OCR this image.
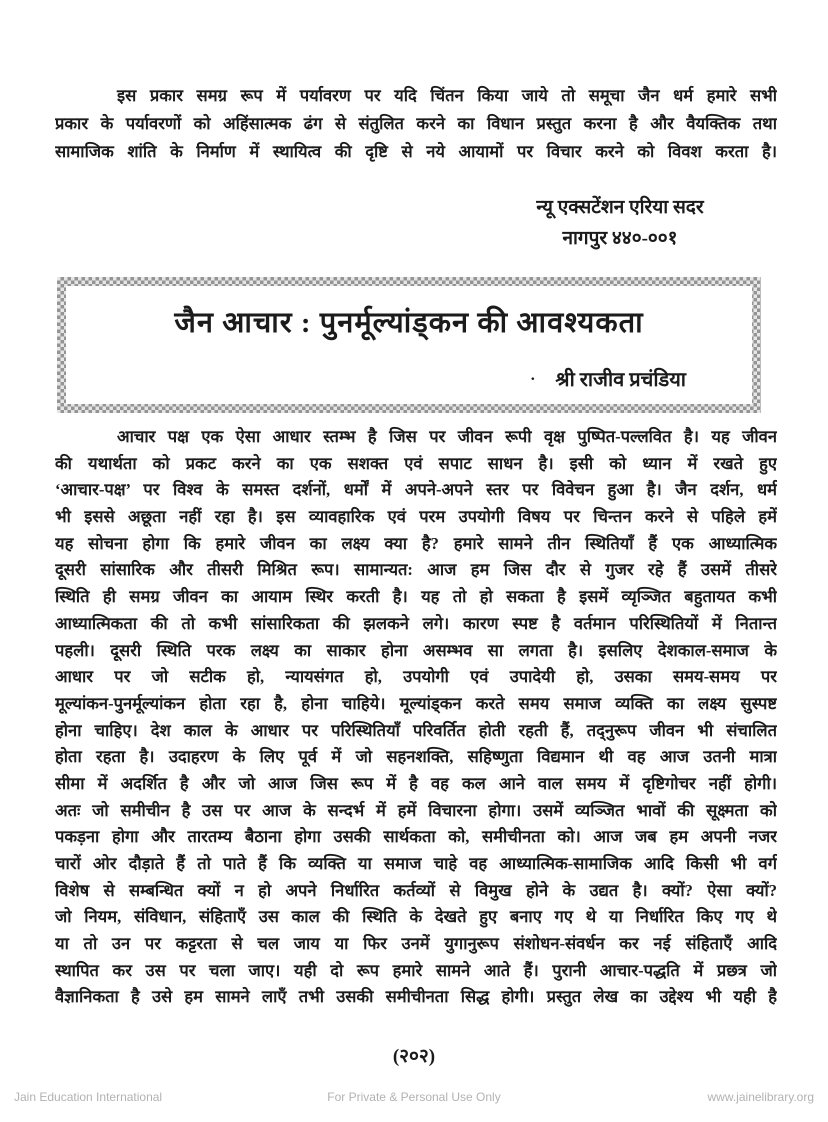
इस प्रकार समग्र रूप में पर्यावरण पर यदि चिंतन किया जाये तो समूचा जैन धर्म हमारे सभी
प्रकार के पर्यावरणों को अहिंसात्मक ढंग से संतुलित करने का विधान प्रस्तुत करना है और वैयक्तिक तथा
सामाजिक शांति के निर्माण में स्थायित्व की दृष्टि से नये आयामों पर विचार करने को विवश करता है।
न्यू एक्सटेंशन एरिया सदर
नागपुर ४४०-००१
जैन आचार : पुनर्मूल्यांड्कन की आवश्यकता
· श्री राजीव प्रचंडिया
आचार पक्ष एक ऐसा आधार स्तम्भ है जिस पर जीवन रूपी वृक्ष पुष्पित-पल्लवित है। यह जीवन
की यथार्थता को प्रकट करने का एक सशक्त एवं सपाट साधन है। इसी को ध्यान में रखते हुए
‘आचार-पक्ष’ पर विश्व के समस्त दर्शनों, धर्मों में अपने-अपने स्तर पर विवेचन हुआ है। जैन दर्शन, धर्म
भी इससे अछूता नहीं रहा है। इस व्यावहारिक एवं परम उपयोगी विषय पर चिन्तन करने से पहिले हमें
यह सोचना होगा कि हमारे जीवन का लक्ष्य क्या है? हमारे सामने तीन स्थितियाँ हैं एक आध्यात्मिक
दूसरी सांसारिक और तीसरी मिश्रित रूप। सामान्यत: आज हम जिस दौर से गुजर रहे हैं उसमें तीसरे
स्थिति ही समग्र जीवन का आयाम स्थिर करती है। यह तो हो सकता है इसमें व्यृञ्जित बहुतायत कभी
आध्यात्मिकता की तो कभी सांसारिकता की झलकने लगे। कारण स्पष्ट है वर्तमान परिस्थितियों में नितान्त
पहली। दूसरी स्थिति परक लक्ष्य का साकार होना असम्भव सा लगता है। इसलिए देशकाल-समाज के
आधार पर जो सटीक हो, न्यायसंगत हो, उपयोगी एवं उपादेयी हो, उसका समय-समय पर
मूल्यांकन-पुनर्मूल्यांकन होता रहा है, होना चाहिये। मूल्यांड्कन करते समय समाज व्यक्ति का लक्ष्य सुस्पष्ट
होना चाहिए। देश काल के आधार पर परिस्थितियाँ परिवर्तित होती रहती हैं, तद्नुरूप जीवन भी संचालित
होता रहता है। उदाहरण के लिए पूर्व में जो सहनशक्ति, सहिष्णुता विद्यमान थी वह आज उतनी मात्रा
सीमा में अदर्शित है और जो आज जिस रूप में है वह कल आने वाल समय में दृष्टिगोचर नहीं होगी।
अतः जो समीचीन है उस पर आज के सन्दर्भ में हमें विचारना होगा। उसमें व्यञ्जित भावों की सूक्ष्मता को
पकड़ना होगा और तारतम्य बैठाना होगा उसकी सार्थकता को, समीचीनता को। आज जब हम अपनी नजर
चारों ओर दौड़ाते हैं तो पाते हैं कि व्यक्ति या समाज चाहे वह आध्यात्मिक-सामाजिक आदि किसी भी वर्ग
विशेष से सम्बन्धित क्यों न हो अपने निर्धारित कर्तव्यों से विमुख होने के उद्यत है। क्यों? ऐसा क्यों?
जो नियम, संविधान, संहिताएँ उस काल की स्थिति के देखते हुए बनाए गए थे या निर्धारित किए गए थे
या तो उन पर कट्टरता से चल जाय या फिर उनमें युगानुरूप संशोधन-संवर्धन कर नई संहिताएँ आदि
स्थापित कर उस पर चला जाए। यही दो रूप हमारे सामने आते हैं। पुरानी आचार-पद्धति में प्रछत्र जो
वैज्ञानिकता है उसे हम सामने लाएँ तभी उसकी समीचीनता सिद्ध होगी। प्रस्तुत लेख का उद्देश्य भी यही है
(२०२)
Jain Education International	For Private & Personal Use Only	www.jainelibrary.org
